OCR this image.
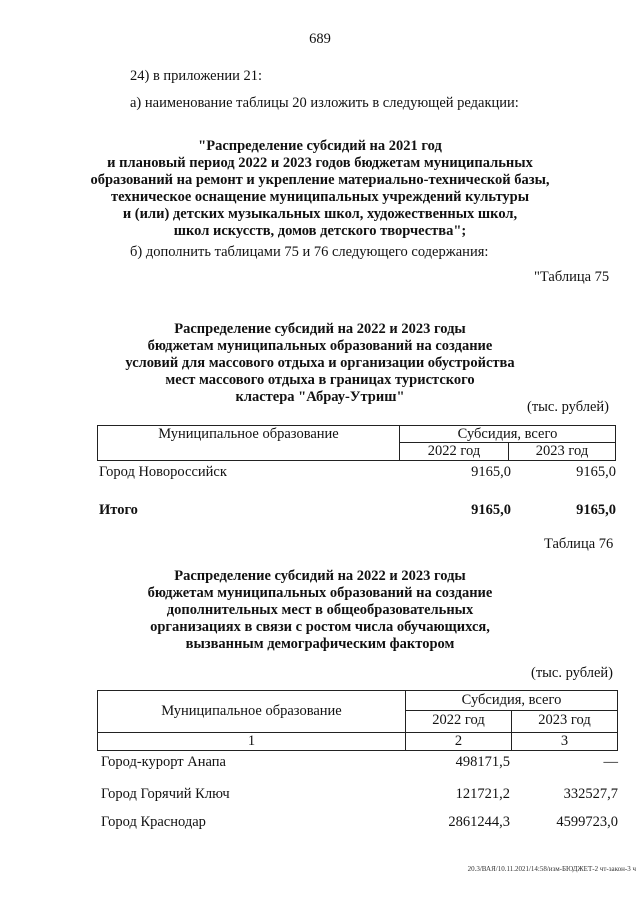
689
24) в приложении 21:
а) наименование таблицы 20 изложить в следующей редакции:
"Распределение субсидий на 2021 год
и плановый период 2022 и 2023 годов бюджетам муниципальных
образований на ремонт и укрепление материально-технической базы,
техническое оснащение муниципальных учреждений культуры
и (или) детских музыкальных школ, художественных школ,
школ искусств, домов детского творчества";
б) дополнить таблицами 75 и 76 следующего содержания:
"Таблица 75
Распределение субсидий на 2022 и 2023 годы
бюджетам муниципальных образований на создание
условий для массового отдыха и организации обустройства
мест массового отдыха в границах туристского
кластера "Абрау-Утриш"
(тыс. рублей)
Муниципальное образование	Субсидия, всего
2022 год	2023 год
Город Новороссийск	9165,0	9165,0
Итого	9165,0	9165,0
Таблица 76
Распределение субсидий на 2022 и 2023 годы
бюджетам муниципальных образований на создание
дополнительных мест в общеобразовательных
организациях в связи с ростом числа обучающихся,
вызванным демографическим фактором
(тыс. рублей)
Муниципальное образование
Субсидия, всего
2022 год	2023 год
1	2	3
Город-курорт Анапа	498171,5	—
Город Горячий Ключ	121721,2	332527,7
Город Краснодар	2861244,3	4599723,0
20.3/ВАЯ/10.11.2021/14:58/изм-БЮДЖЕТ-2 чт-закон-3 ч
